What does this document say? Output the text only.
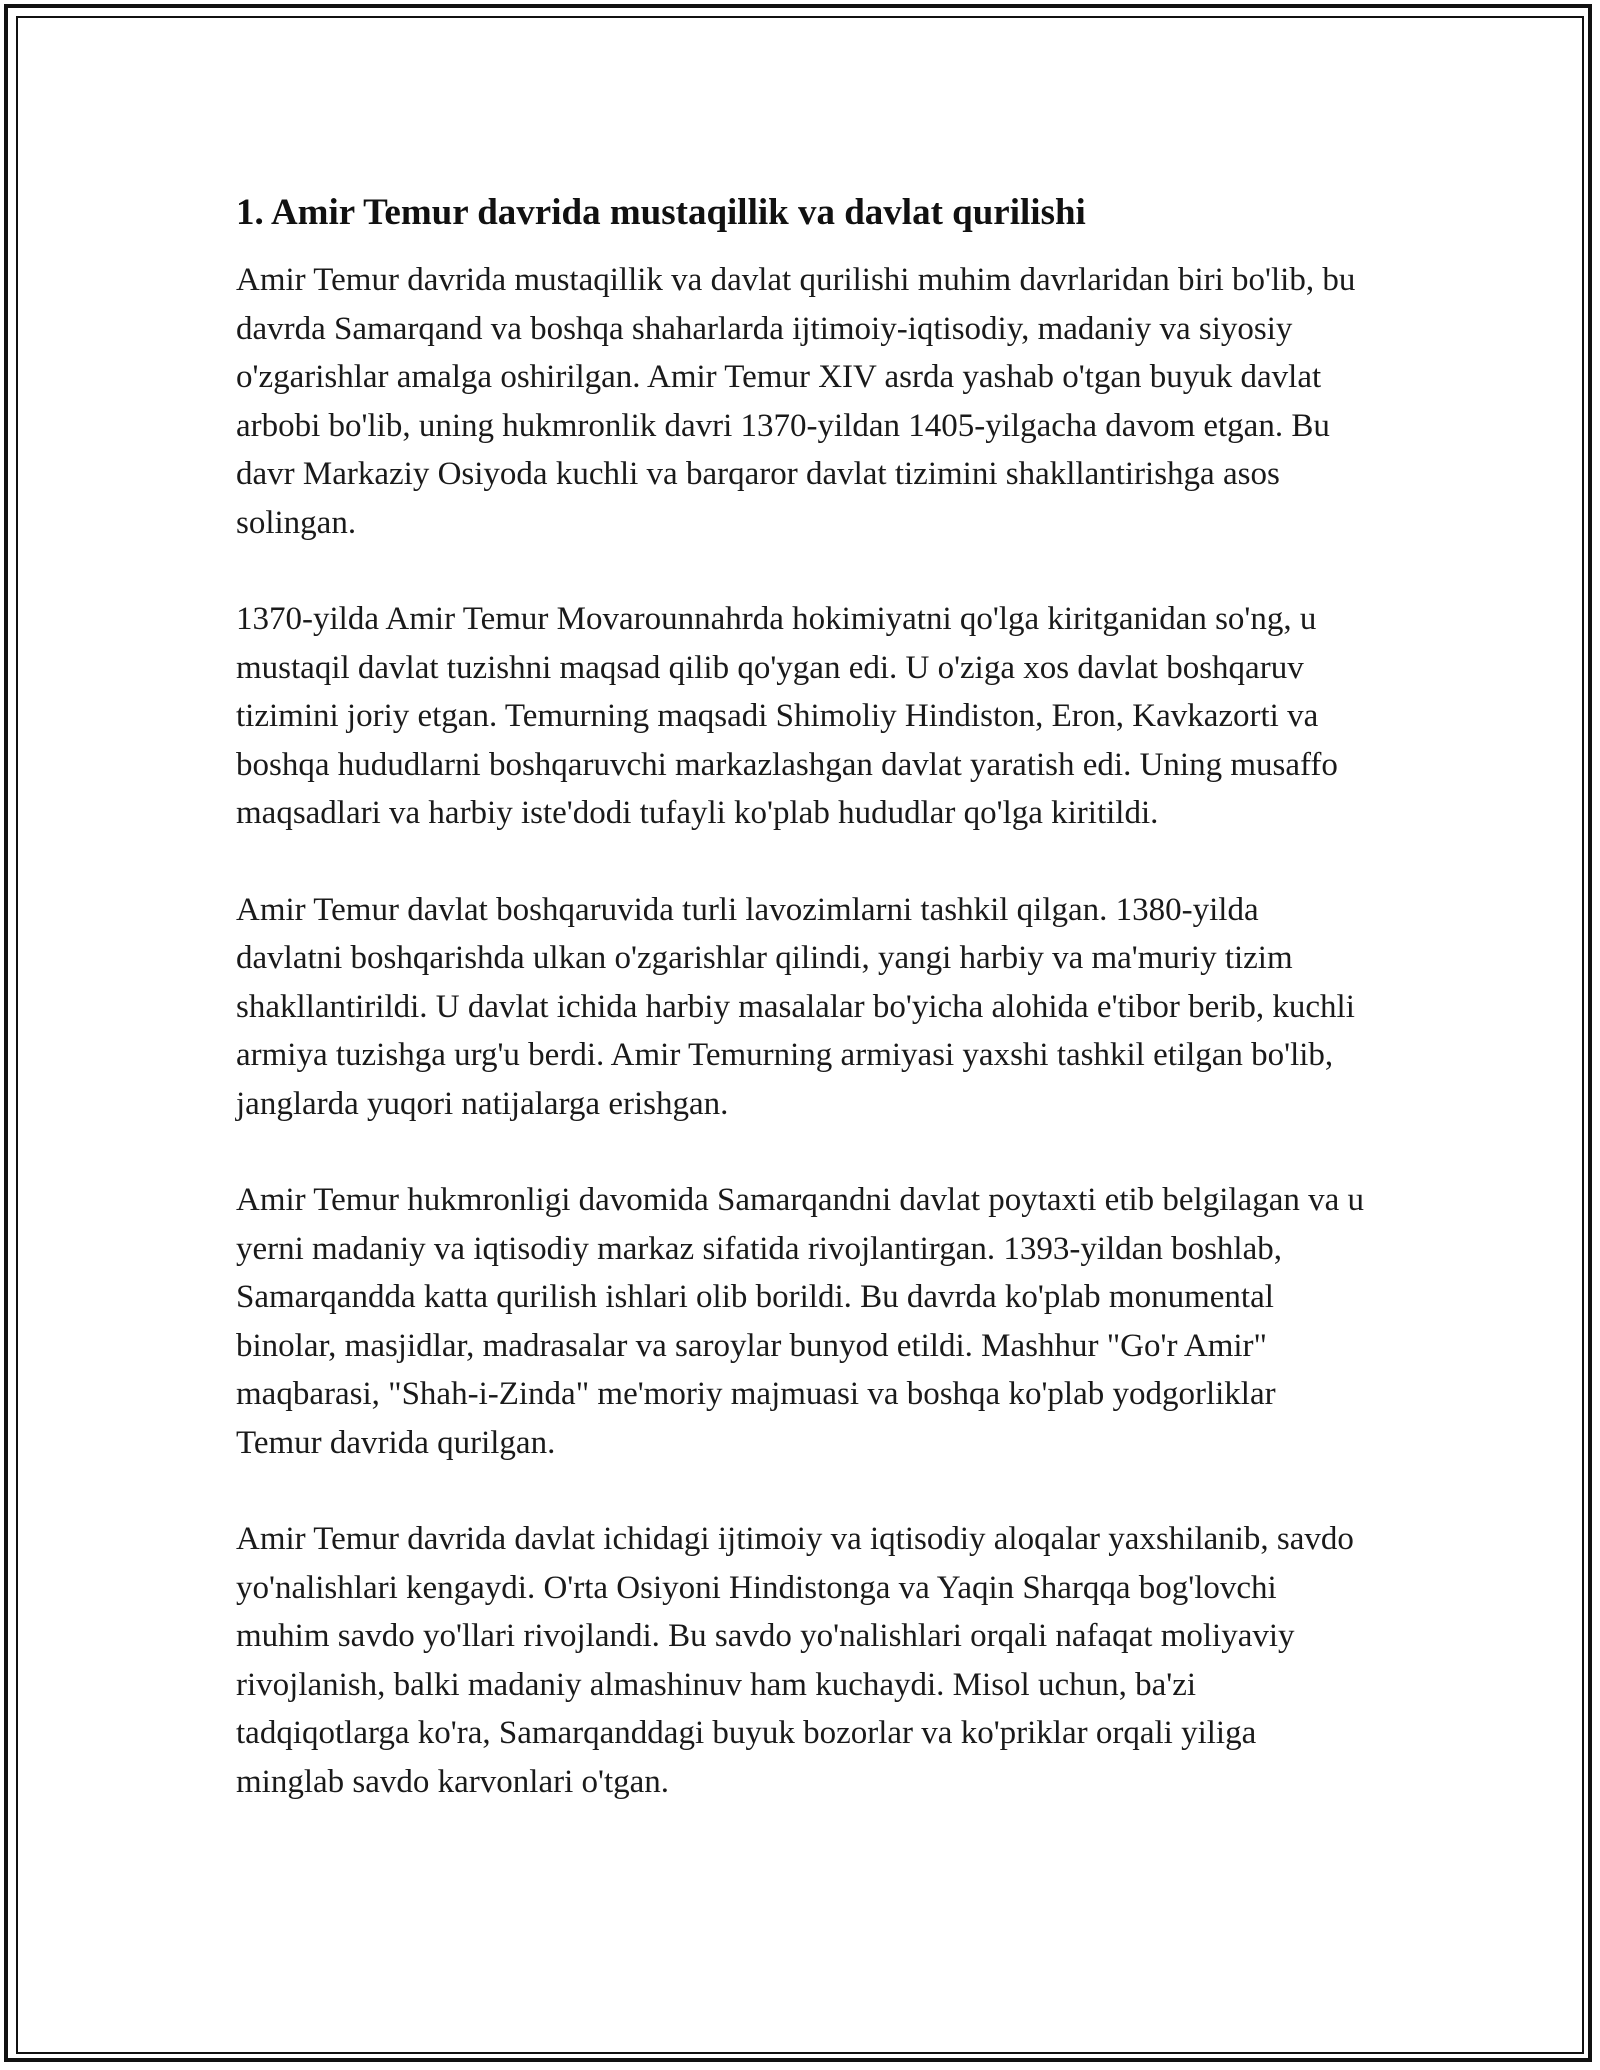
1. Amir Temur davrida mustaqillik va davlat qurilishi

Amir Temur davrida mustaqillik va davlat qurilishi muhim davrlaridan biri bo'lib, bu davrda Samarqand va boshqa shaharlarda ijtimoiy-iqtisodiy, madaniy va siyosiy o'zgarishlar amalga oshirilgan. Amir Temur XIV asrda yashab o'tgan buyuk davlat arbobi bo'lib, uning hukmronlik davri 1370-yildan 1405-yilgacha davom etgan. Bu davr Markaziy Osiyoda kuchli va barqaror davlat tizimini shakllantirishga asos solingan.

1370-yilda Amir Temur Movarounnahrda hokimiyatni qo'lga kiritganidan so'ng, u mustaqil davlat tuzishni maqsad qilib qo'ygan edi. U o'ziga xos davlat boshqaruv tizimini joriy etgan. Temurning maqsadi Shimoliy Hindiston, Eron, Kavkazorti va boshqa hududlarni boshqaruvchi markazlashgan davlat yaratish edi. Uning musaffo maqsadlari va harbiy iste'dodi tufayli ko'plab hududlar qo'lga kiritildi.

Amir Temur davlat boshqaruvida turli lavozimlarni tashkil qilgan. 1380-yilda davlatni boshqarishda ulkan o'zgarishlar qilindi, yangi harbiy va ma'muriy tizim shakllantirildi. U davlat ichida harbiy masalalar bo'yicha alohida e'tibor berib, kuchli armiya tuzishga urg'u berdi. Amir Temurning armiyasi yaxshi tashkil etilgan bo'lib, janglarda yuqori natijalarga erishgan.

Amir Temur hukmronligi davomida Samarqandni davlat poytaxti etib belgilagan va u yerni madaniy va iqtisodiy markaz sifatida rivojlantirgan. 1393-yildan boshlab, Samarqandda katta qurilish ishlari olib borildi. Bu davrda ko'plab monumental binolar, masjidlar, madrasalar va saroylar bunyod etildi. Mashhur "Go'r Amir" maqbarasi, "Shah-i-Zinda" me'moriy majmuasi va boshqa ko'plab yodgorliklar Temur davrida qurilgan.

Amir Temur davrida davlat ichidagi ijtimoiy va iqtisodiy aloqalar yaxshilanib, savdo yo'nalishlari kengaydi. O'rta Osiyoni Hindistonga va Yaqin Sharqqa bog'lovchi muhim savdo yo'llari rivojlandi. Bu savdo yo'nalishlari orqali nafaqat moliyaviy rivojlanish, balki madaniy almashinuv ham kuchaydi. Misol uchun, ba'zi tadqiqotlarga ko'ra, Samarqanddagi buyuk bozorlar va ko'priklar orqali yiliga minglab savdo karvonlari o'tgan.
